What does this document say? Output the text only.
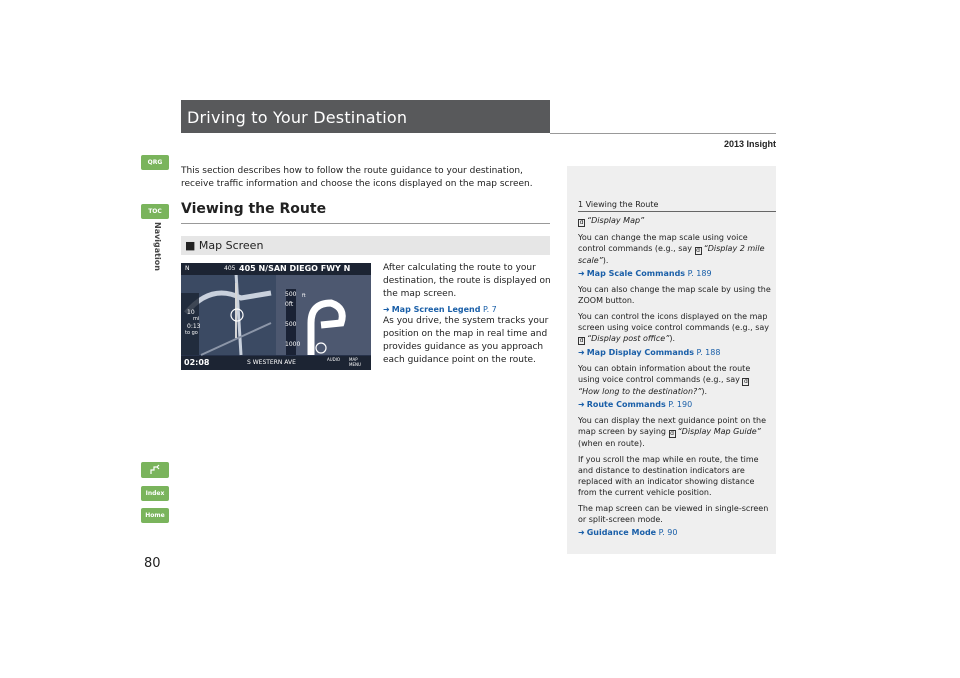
Driving to Your Destination
2013 Insight
QRG
TOC
Navigation
Index
Home
This section describes how to follow the route guidance to your destination, receive traffic information and choose the icons displayed on the map screen.
Viewing the Route
■ Map Screen
405 405 N/SAN DIEGO FWY N
N
500 ft
0ft
500
1000
10
mi
0:13
to go
02:08	S WESTERN AVE	AUDIO MAP MENU
After calculating the route to your destination, the route is displayed on the map screen.
➜ Map Screen Legend P. 7
As you drive, the system tracks your position on the map in real time and provides guidance as you approach each guidance point on the route.
80
1 Viewing the Route

d “Display Map”

You can change the map scale using voice control commands (e.g., say d “Display 2 mile scale”).

➜ Map Scale Commands P. 189

You can also change the map scale by using the ZOOM button.

You can control the icons displayed on the map screen using voice control commands (e.g., say d “Display post office”).

➜ Map Display Commands P. 188

You can obtain information about the route using voice control commands (e.g., say d“How long to the destination?”).

➜ Route Commands P. 190

You can display the next guidance point on the map screen by saying d “Display Map Guide” (when en route).

If you scroll the map while en route, the time and distance to destination indicators are replaced with an indicator showing distance from the current vehicle position.

The map screen can be viewed in single-screen or split-screen mode.

➜ Guidance Mode P. 90
